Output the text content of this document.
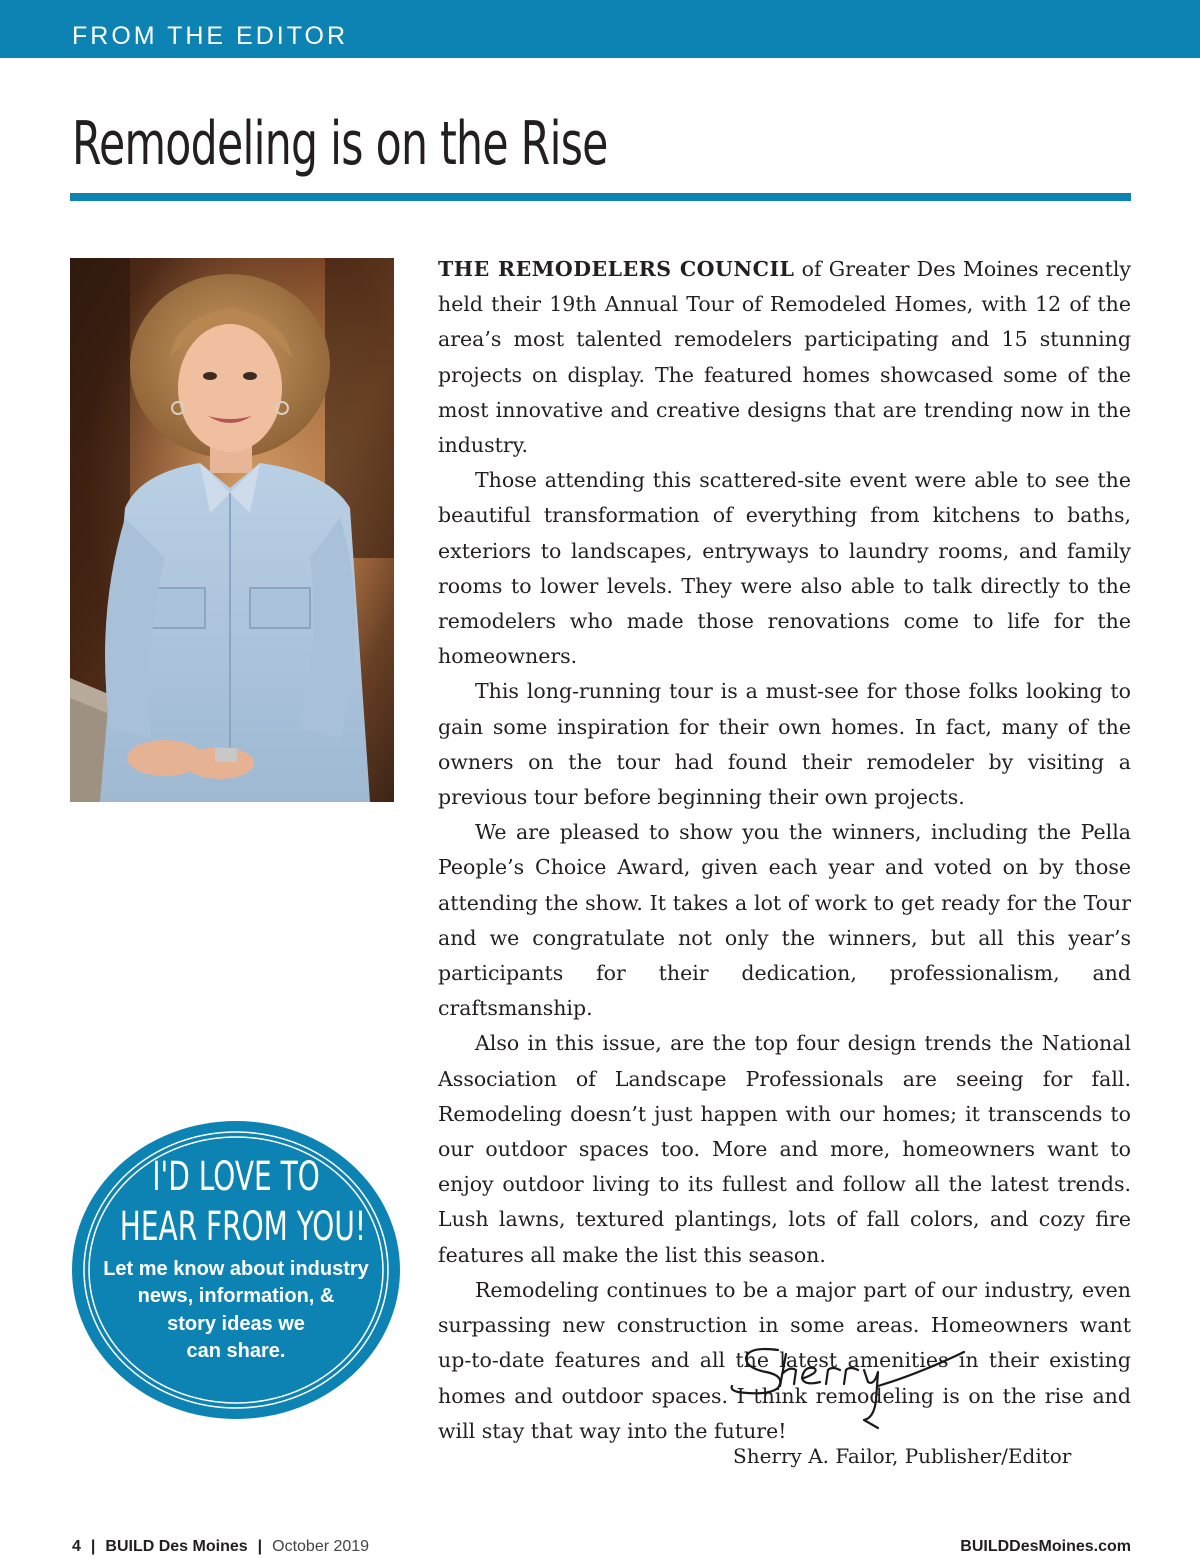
FROM THE EDITOR
Remodeling is on the Rise
I'D LOVE TO
HEAR FROM YOU!
Let me know about industry
news, information, &
story ideas we
can share.

THE REMODELERS COUNCIL of Greater Des Moines recently held their 19th Annual Tour of Remodeled Homes, with 12 of the area’s most talented remodelers participating and 15 stunning projects on display. The featured homes showcased some of the most innovative and creative designs that are trending now in the industry.

Those attending this scattered-site event were able to see the beautiful transformation of everything from kitchens to baths, exteriors to landscapes, entryways to laundry rooms, and family rooms to lower levels. They were also able to talk directly to the remodelers who made those renovations come to life for the homeowners.

This long-running tour is a must-see for those folks looking to gain some inspiration for their own homes. In fact, many of the owners on the tour had found their remodeler by visiting a previous tour before beginning their own projects.

We are pleased to show you the winners, including the Pella People’s Choice Award, given each year and voted on by those attending the show. It takes a lot of work to get ready for the Tour and we congratulate not only the winners, but all this year’s participants for their dedication, professionalism, and craftsmanship.

Also in this issue, are the top four design trends the National Association of Landscape Professionals are seeing for fall. Remodeling doesn’t just happen with our homes; it transcends to our outdoor spaces too. More and more, homeowners want to enjoy outdoor living to its fullest and follow all the latest trends. Lush lawns, textured plantings, lots of fall colors, and cozy fire features all make the list this season.

Remodeling continues to be a major part of our industry, even surpassing new construction in some areas. Homeowners want up-to-date features and all the latest amenities in their existing homes and outdoor spaces. I think remodeling is on the rise and will stay that way into the future!

Sherry A. Failor, Publisher/Editor
4 | BUILD Des Moines | October 2019	BUILDDesMoines.com
